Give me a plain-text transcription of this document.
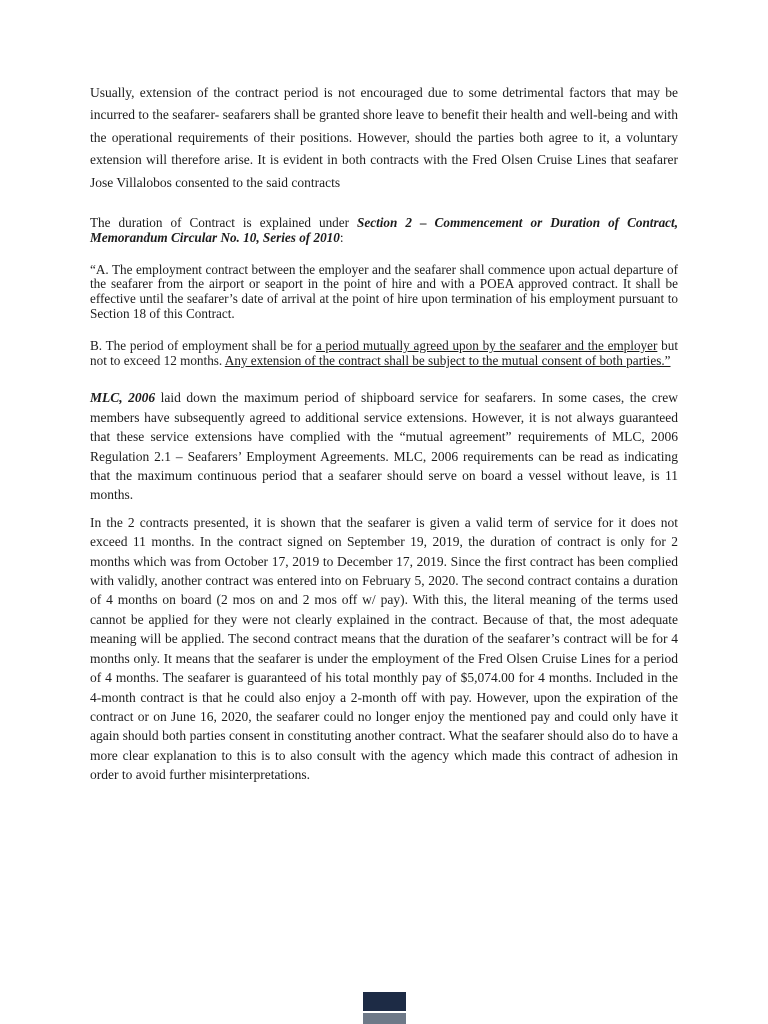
Usually, extension of the contract period is not encouraged due to some detrimental factors that may be incurred to the seafarer- seafarers shall be granted shore leave to benefit their health and well-being and with the operational requirements of their positions. However, should the parties both agree to it, a voluntary extension will therefore arise. It is evident in both contracts with the Fred Olsen Cruise Lines that seafarer Jose Villalobos consented to the said contracts

The duration of Contract is explained under Section 2 – Commencement or Duration of Contract, Memorandum Circular No. 10, Series of 2010:

“A. The employment contract between the employer and the seafarer shall commence upon actual departure of the seafarer from the airport or seaport in the point of hire and with a POEA approved contract. It shall be effective until the seafarer’s date of arrival at the point of hire upon termination of his employment pursuant to Section 18 of this Contract.

B. The period of employment shall be for a period mutually agreed upon by the seafarer and the employer but not to exceed 12 months. Any extension of the contract shall be subject to the mutual consent of both parties.”

MLC, 2006 laid down the maximum period of shipboard service for seafarers. In some cases, the crew members have subsequently agreed to additional service extensions. However, it is not always guaranteed that these service extensions have complied with the “mutual agreement” requirements of MLC, 2006 Regulation 2.1 – Seafarers’ Employment Agreements. MLC, 2006 requirements can be read as indicating that the maximum continuous period that a seafarer should serve on board a vessel without leave, is 11 months.

In the 2 contracts presented, it is shown that the seafarer is given a valid term of service for it does not exceed 11 months. In the contract signed on September 19, 2019, the duration of contract is only for 2 months which was from October 17, 2019 to December 17, 2019. Since the first contract has been complied with validly, another contract was entered into on February 5, 2020. The second contract contains a duration of 4 months on board (2 mos on and 2 mos off w/ pay). With this, the literal meaning of the terms used cannot be applied for they were not clearly explained in the contract. Because of that, the most adequate meaning will be applied. The second contract means that the duration of the seafarer’s contract will be for 4 months only. It means that the seafarer is under the employment of the Fred Olsen Cruise Lines for a period of 4 months. The seafarer is guaranteed of his total monthly pay of $5,074.00 for 4 months. Included in the 4-month contract is that he could also enjoy a 2-month off with pay. However, upon the expiration of the contract or on June 16, 2020, the seafarer could no longer enjoy the mentioned pay and could only have it again should both parties consent in constituting another contract. What the seafarer should also do to have a more clear explanation to this is to also consult with the agency which made this contract of adhesion in order to avoid further misinterpretations.
